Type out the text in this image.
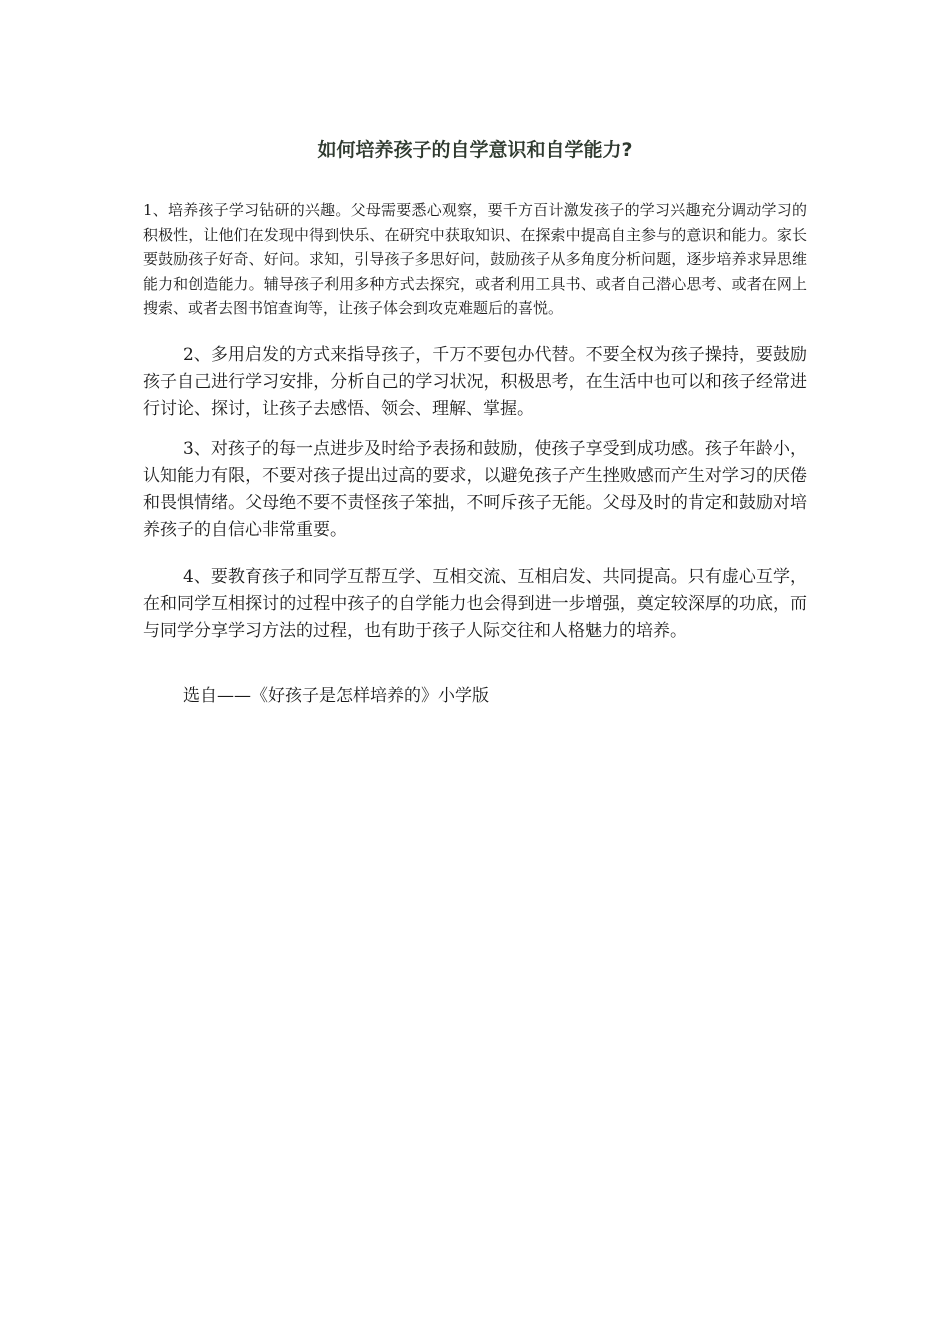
如何培养孩子的自学意识和自学能力?

1、培养孩子学习钻研的兴趣。父母需要悉心观察，要千方百计激发孩子的学习兴趣充分调动学习的积极性，让他们在发现中得到快乐、在研究中获取知识、在探索中提高自主参与的意识和能力。家长要鼓励孩子好奇、好问。求知，引导孩子多思好问，鼓励孩子从多角度分析问题，逐步培养求异思维能力和创造能力。辅导孩子利用多种方式去探究，或者利用工具书、或者自己潜心思考、或者在网上搜索、或者去图书馆查询等，让孩子体会到攻克难题后的喜悦。

2、多用启发的方式来指导孩子，千万不要包办代替。不要全权为孩子操持，要鼓励孩子自己进行学习安排，分析自己的学习状况，积极思考，在生活中也可以和孩子经常进行讨论、探讨，让孩子去感悟、领会、理解、掌握。

3、对孩子的每一点进步及时给予表扬和鼓励，使孩子享受到成功感。孩子年龄小，认知能力有限，不要对孩子提出过高的要求，以避免孩子产生挫败感而产生对学习的厌倦和畏惧情绪。父母绝不要不责怪孩子笨拙，不呵斥孩子无能。父母及时的肯定和鼓励对培养孩子的自信心非常重要。

4、要教育孩子和同学互帮互学、互相交流、互相启发、共同提高。只有虚心互学，在和同学互相探讨的过程中孩子的自学能力也会得到进一步增强，奠定较深厚的功底，而与同学分享学习方法的过程，也有助于孩子人际交往和人格魅力的培养。

选自——《好孩子是怎样培养的》小学版
